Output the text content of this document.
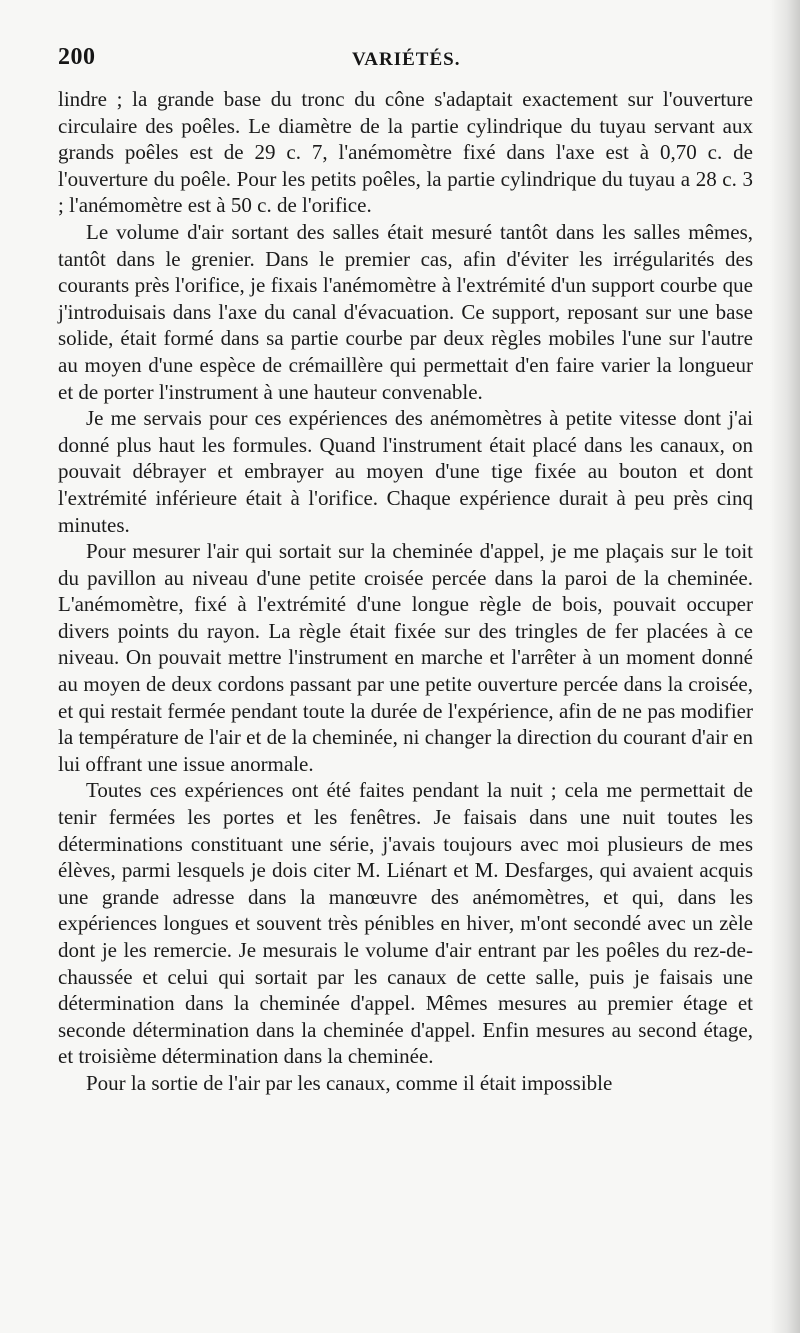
200	VARIÉTÉS.

lindre ; la grande base du tronc du cône s'adaptait exactement sur l'ouverture circulaire des poêles. Le diamètre de la partie cylindrique du tuyau servant aux grands poêles est de 29 c. 7, l'anémomètre fixé dans l'axe est à 0,70 c. de l'ouverture du poêle. Pour les petits poêles, la partie cylindrique du tuyau a 28 c. 3 ; l'anémomètre est à 50 c. de l'orifice.

Le volume d'air sortant des salles était mesuré tantôt dans les salles mêmes, tantôt dans le grenier. Dans le premier cas, afin d'éviter les irrégularités des courants près l'orifice, je fixais l'anémomètre à l'extrémité d'un support courbe que j'introduisais dans l'axe du canal d'évacuation. Ce support, reposant sur une base solide, était formé dans sa partie courbe par deux règles mobiles l'une sur l'autre au moyen d'une espèce de crémaillère qui permettait d'en faire varier la longueur et de porter l'instrument à une hauteur convenable.

Je me servais pour ces expériences des anémomètres à petite vitesse dont j'ai donné plus haut les formules. Quand l'instrument était placé dans les canaux, on pouvait débrayer et embrayer au moyen d'une tige fixée au bouton et dont l'extrémité inférieure était à l'orifice. Chaque expérience durait à peu près cinq minutes.

Pour mesurer l'air qui sortait sur la cheminée d'appel, je me plaçais sur le toit du pavillon au niveau d'une petite croisée percée dans la paroi de la cheminée. L'anémomètre, fixé à l'extrémité d'une longue règle de bois, pouvait occuper divers points du rayon. La règle était fixée sur des tringles de fer placées à ce niveau. On pouvait mettre l'instrument en marche et l'arrêter à un moment donné au moyen de deux cordons passant par une petite ouverture percée dans la croisée, et qui restait fermée pendant toute la durée de l'expérience, afin de ne pas modifier la température de l'air et de la cheminée, ni changer la direction du courant d'air en lui offrant une issue anormale.

Toutes ces expériences ont été faites pendant la nuit ; cela me permettait de tenir fermées les portes et les fenêtres. Je faisais dans une nuit toutes les déterminations constituant une série, j'avais toujours avec moi plusieurs de mes élèves, parmi lesquels je dois citer M. Liénart et M. Desfarges, qui avaient acquis une grande adresse dans la manœuvre des anémomètres, et qui, dans les expériences longues et souvent très pénibles en hiver, m'ont secondé avec un zèle dont je les remercie. Je mesurais le volume d'air entrant par les poêles du rez-de-chaussée et celui qui sortait par les canaux de cette salle, puis je faisais une détermination dans la cheminée d'appel. Mêmes mesures au premier étage et seconde détermination dans la cheminée d'appel. Enfin mesures au second étage, et troisième détermination dans la cheminée.

Pour la sortie de l'air par les canaux, comme il était impossible
